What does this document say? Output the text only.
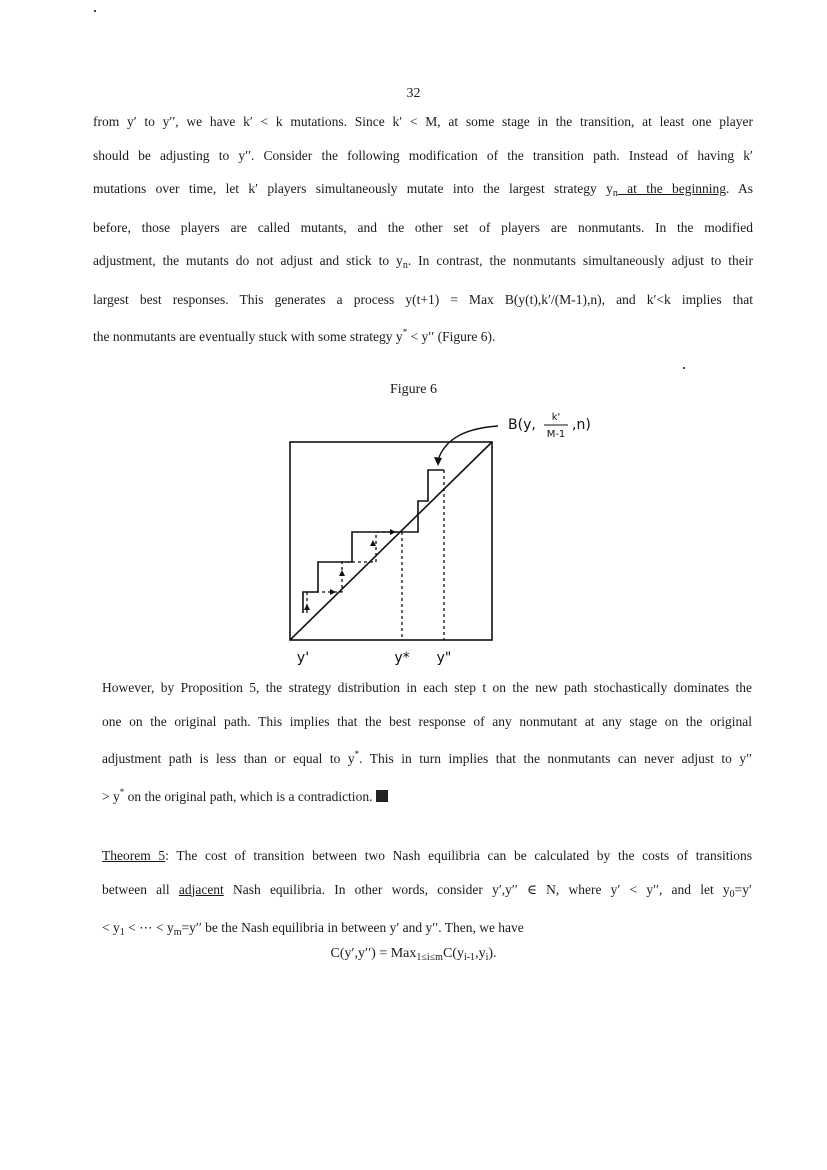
32
from y′ to y′′, we have k′ < k mutations. Since k′ < M, at some stage in the transition, at least one player
should be adjusting to y′′. Consider the following modification of the transition path. Instead of having k′
mutations over time, let k′ players simultaneously mutate into the largest strategy $y_n$ at the beginning. As
before, those players are called mutants, and the other set of players are nonmutants. In the modified
adjustment, the mutants do not adjust and stick to $y_n$. In contrast, the nonmutants simultaneously adjust to their
largest best responses. This generates a process y(t+1) = Max B(y(t),k′/(M-1),n), and k′<k implies that
the nonmutants are eventually stuck with some strategy y* < y′′ (Figure 6).
Figure 6
B(y, k'
M-1
,n)
y'	y* y"
However, by Proposition 5, the strategy distribution in each step t on the new path stochastically dominates the
one on the original path. This implies that the best response of any nonmutant at any stage on the original
adjustment path is less than or equal to y*. This in turn implies that the nonmutants can never adjust to y′′
> y* on the original path, which is a contradiction.
Theorem 5: The cost of transition between two Nash equilibria can be calculated by the costs of transitions
between all adjacent Nash equilibria. In other words, consider y′,y′′ ∈ N, where y′ < y′′, and let $y_0=y'$
< $y_1$ < ⋯ < $y_m=y''$ be the Nash equilibria in between y′ and y′′. Then, we have
$C(y',y'') = Max_{1\le i\le m}C(y_{i-1},y_i)$.
